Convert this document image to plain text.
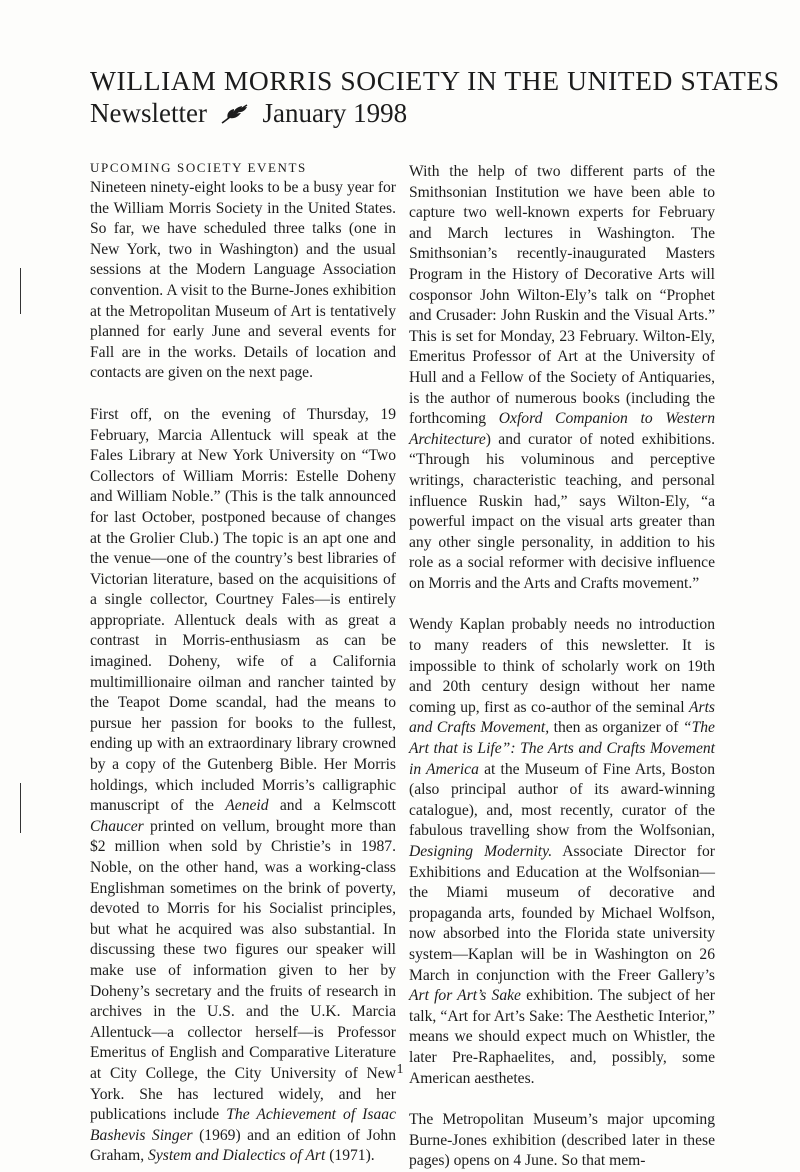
WILLIAM MORRIS SOCIETY IN THE UNITED STATES
Newsletter January 1998
UPCOMING SOCIETY EVENTS

Nineteen ninety-eight looks to be a busy year for the William Morris Society in the United States. So far, we have scheduled three talks (one in New York, two in Washington) and the usual sessions at the Modern Language Association convention. A visit to the Burne-Jones exhibition at the Metropolitan Museum of Art is tentatively planned for early June and several events for Fall are in the works. Details of location and contacts are given on the next page.

First off, on the evening of Thursday, 19 February, Marcia Allentuck will speak at the Fales Library at New York University on “Two Collectors of William Morris: Estelle Doheny and William Noble.” (This is the talk announced for last October, postponed because of changes at the Grolier Club.) The topic is an apt one and the venue—one of the country’s best libraries of Victorian literature, based on the acquisitions of a single collector, Courtney Fales—is entirely appropriate. Allentuck deals with as great a contrast in Morris-enthusiasm as can be imagined. Doheny, wife of a California multimillionaire oilman and rancher tainted by the Teapot Dome scandal, had the means to pursue her passion for books to the fullest, ending up with an extraordinary library crowned by a copy of the Gutenberg Bible. Her Morris holdings, which included Morris’s calligraphic manuscript of the Aeneid and a Kelmscott Chaucer printed on vellum, brought more than $2 million when sold by Christie’s in 1987. Noble, on the other hand, was a working-class Englishman sometimes on the brink of poverty, devoted to Morris for his Socialist principles, but what he acquired was also substantial. In discussing these two figures our speaker will make use of information given to her by Doheny’s secretary and the fruits of research in archives in the U.S. and the U.K. Marcia Allentuck—a collector herself—is Professor Emeritus of English and Comparative Literature at City College, the City University of New York. She has lectured widely, and her publications include The Achievement of Isaac Bashevis Singer (1969) and an edition of John Graham, System and Dialectics of Art (1971).

With the help of two different parts of the Smithsonian Institution we have been able to capture two well-known experts for February and March lectures in Washington. The Smithsonian’s recently-inaugurated Masters Program in the History of Decorative Arts will cosponsor John Wilton-Ely’s talk on “Prophet and Crusader: John Ruskin and the Visual Arts.” This is set for Monday, 23 February. Wilton-Ely, Emeritus Professor of Art at the University of Hull and a Fellow of the Society of Antiquaries, is the author of numerous books (including the forthcoming Oxford Companion to Western Architecture) and curator of noted exhibitions. “Through his voluminous and perceptive writings, characteristic teaching, and personal influence Ruskin had,” says Wilton-Ely, “a powerful impact on the visual arts greater than any other single personality, in addition to his role as a social reformer with decisive influence on Morris and the Arts and Crafts movement.”

Wendy Kaplan probably needs no introduction to many readers of this newsletter. It is impossible to think of scholarly work on 19th and 20th century design without her name coming up, first as co-author of the seminal Arts and Crafts Movement, then as organizer of “The Art that is Life”: The Arts and Crafts Movement in America at the Museum of Fine Arts, Boston (also principal author of its award-winning catalogue), and, most recently, curator of the fabulous travelling show from the Wolfsonian, Designing Modernity. Associate Director for Exhibitions and Education at the Wolfsonian—the Miami museum of decorative and propaganda arts, founded by Michael Wolfson, now absorbed into the Florida state university system—Kaplan will be in Washington on 26 March in conjunction with the Freer Gallery’s Art for Art’s Sake exhibition. The subject of her talk, “Art for Art’s Sake: The Aesthetic Interior,” means we should expect much on Whistler, the later Pre-Raphaelites, and, possibly, some American aesthetes.

The Metropolitan Museum’s major upcoming Burne-Jones exhibition (described later in these pages) opens on 4 June. So that mem-

1
